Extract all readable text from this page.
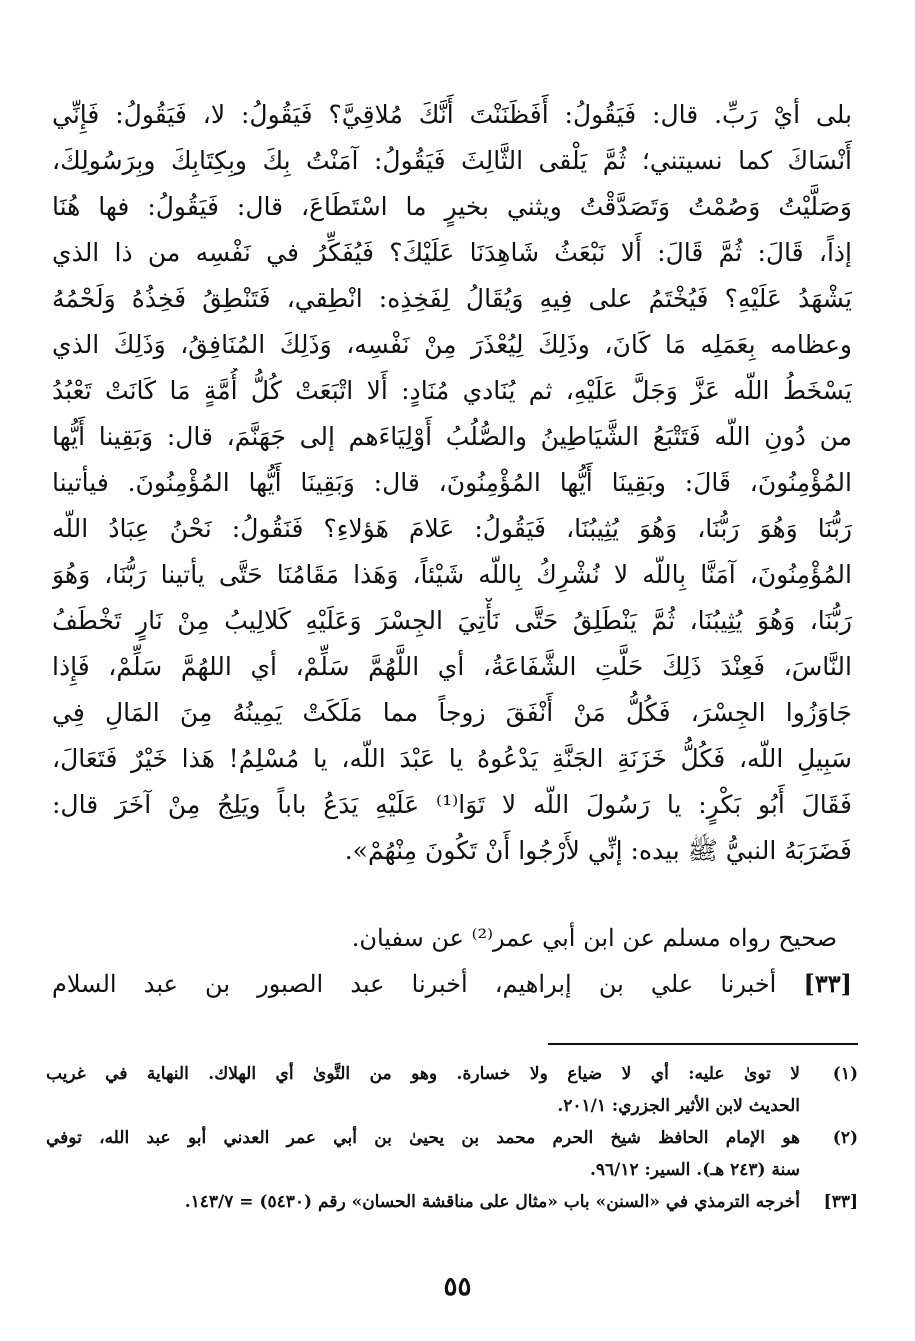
بلى أيْ رَبِّ. قال: فَيَقُولُ: أَفَظَنَنْتَ أَنَّكَ مُلاقِيَّ؟ فَيَقُولُ: لا، فَيَقُولُ: فَإِنِّي
أَنْسَاكَ كما نسيتني؛ ثُمَّ يَلْقى الثَّالِثَ فَيَقُولُ: آمَنْتُ بِكَ وبِكِتَابِكَ وبِرَسُولِكَ،
وَصَلَّيْتُ وَصُمْتُ وَتَصَدَّقْتُ ويثني بخيرٍ ما اسْتَطَاعَ، قال: فَيَقُولُ: فها هُنَا
إذاً، قَالَ: ثُمَّ قَالَ: أَلا نَبْعَثُ شَاهِدَنَا عَلَيْكَ؟ فَيُفَكِّرُ في نَفْسِه من ذا الذي
يَشْهَدُ عَلَيْهِ؟ فَيُخْتَمُ على فِيهِ وَيُقَالُ لِفَخِذِه: انْطِقي، فَتَنْطِقُ فَخِذُهُ وَلَحْمُهُ
وعظامه بِعَمَلِه مَا كَانَ، وذَلِكَ لِيُعْذَرَ مِنْ نَفْسِه، وَذَلِكَ المُنَافِقُ، وَذَلِكَ الذي
يَسْخَطُ اللّه عَزَّ وَجَلَّ عَلَيْهِ، ثم يُنَادي مُنَادٍ: أَلا اتْبَعَتْ كُلُّ أُمَّةٍ مَا كَانَتْ تَعْبُدُ
من دُونِ اللّه فَتَتْبَعُ الشَّيَاطِينُ والصُّلُبُ أَوْلِيَاءَهم إلى جَهَنَّمَ، قال: وَبَقِينا أَيُّها
المُؤْمِنُونَ، قَالَ: وبَقِينَا أَيُّها المُؤْمِنُونَ، قال: وَبَقِينَا أَيُّها المُؤْمِنُونَ. فيأتينا
رَبُّنَا وَهُوَ رَبُّنَا، وَهُوَ يُثِيبُنَا، فَيَقُولُ: عَلامَ هَؤلاءِ؟ فَنَقُولُ: نَحْنُ عِبَادُ اللّه
المُؤْمِنُونَ، آمَنَّا بِاللّه لا نُشْرِكُ بِاللّه شَيْئاً، وَهَذا مَقَامُنَا حَتَّى يأتينا رَبُّنَا، وَهُوَ
رَبُّنَا، وَهُوَ يُثِيبُنَا، ثُمَّ يَنْطَلِقُ حَتَّى نَأْتِيَ الجِسْرَ وَعَلَيْهِ كَلالِيبُ مِنْ نَارٍ تَخْطَفُ
النَّاسَ، فَعِنْدَ ذَلِكَ حَلَّتِ الشَّفَاعَةُ، أي اللَّهُمَّ سَلِّمْ، أي اللهُمَّ سَلِّمْ، فَإِذا
جَاوَزُوا الجِسْرَ، فَكُلُّ مَنْ أَنْفَقَ زوجاً مما مَلَكَتْ يَمِينُهُ مِنَ المَالِ فِي
سَبِيلِ اللّه، فَكُلُّ خَزَنَةِ الجَنَّةِ يَدْعُوهُ يا عَبْدَ اللّه، يا مُسْلِمُ! هَذا خَيْرٌ فَتَعَالَ،
فَقَالَ أَبُو بَكْرٍ: يا رَسُولَ اللّه لا تَوَا⁽¹⁾ عَلَيْهِ يَدَعُ باباً ويَلِجُ مِنْ آخَرَ قال:
فَضَرَبَهُ النبيُّ ﷺ بيده: إنِّي لأَرْجُوا أَنْ تَكُونَ مِنْهُمْ».
صحيح رواه مسلم عن ابن أبي عمر⁽²⁾ عن سفيان.
[٣٣] أخبرنا علي بن إبراهيم، أخبرنا عبد الصبور بن عبد السلام
(١)
لا توىٰ عليه: أي لا ضياع ولا خسارة. وهو من التَّوىٰ أي الهلاك. النهاية في غريب
الحديث لابن الأثير الجزري: ٢٠١/١.
(٢)
هو الإمام الحافظ شيخ الحرم محمد بن يحيىٰ بن أبي عمر العدني أبو عبد الله، توفي
سنة (٢٤٣ هـ). السير: ٩٦/١٢.
[٣٣]
أخرجه الترمذي في «السنن» باب «مثال على مناقشة الحسان» رقم (٥٤٣٠) = ١٤٣/٧.
٥٥
